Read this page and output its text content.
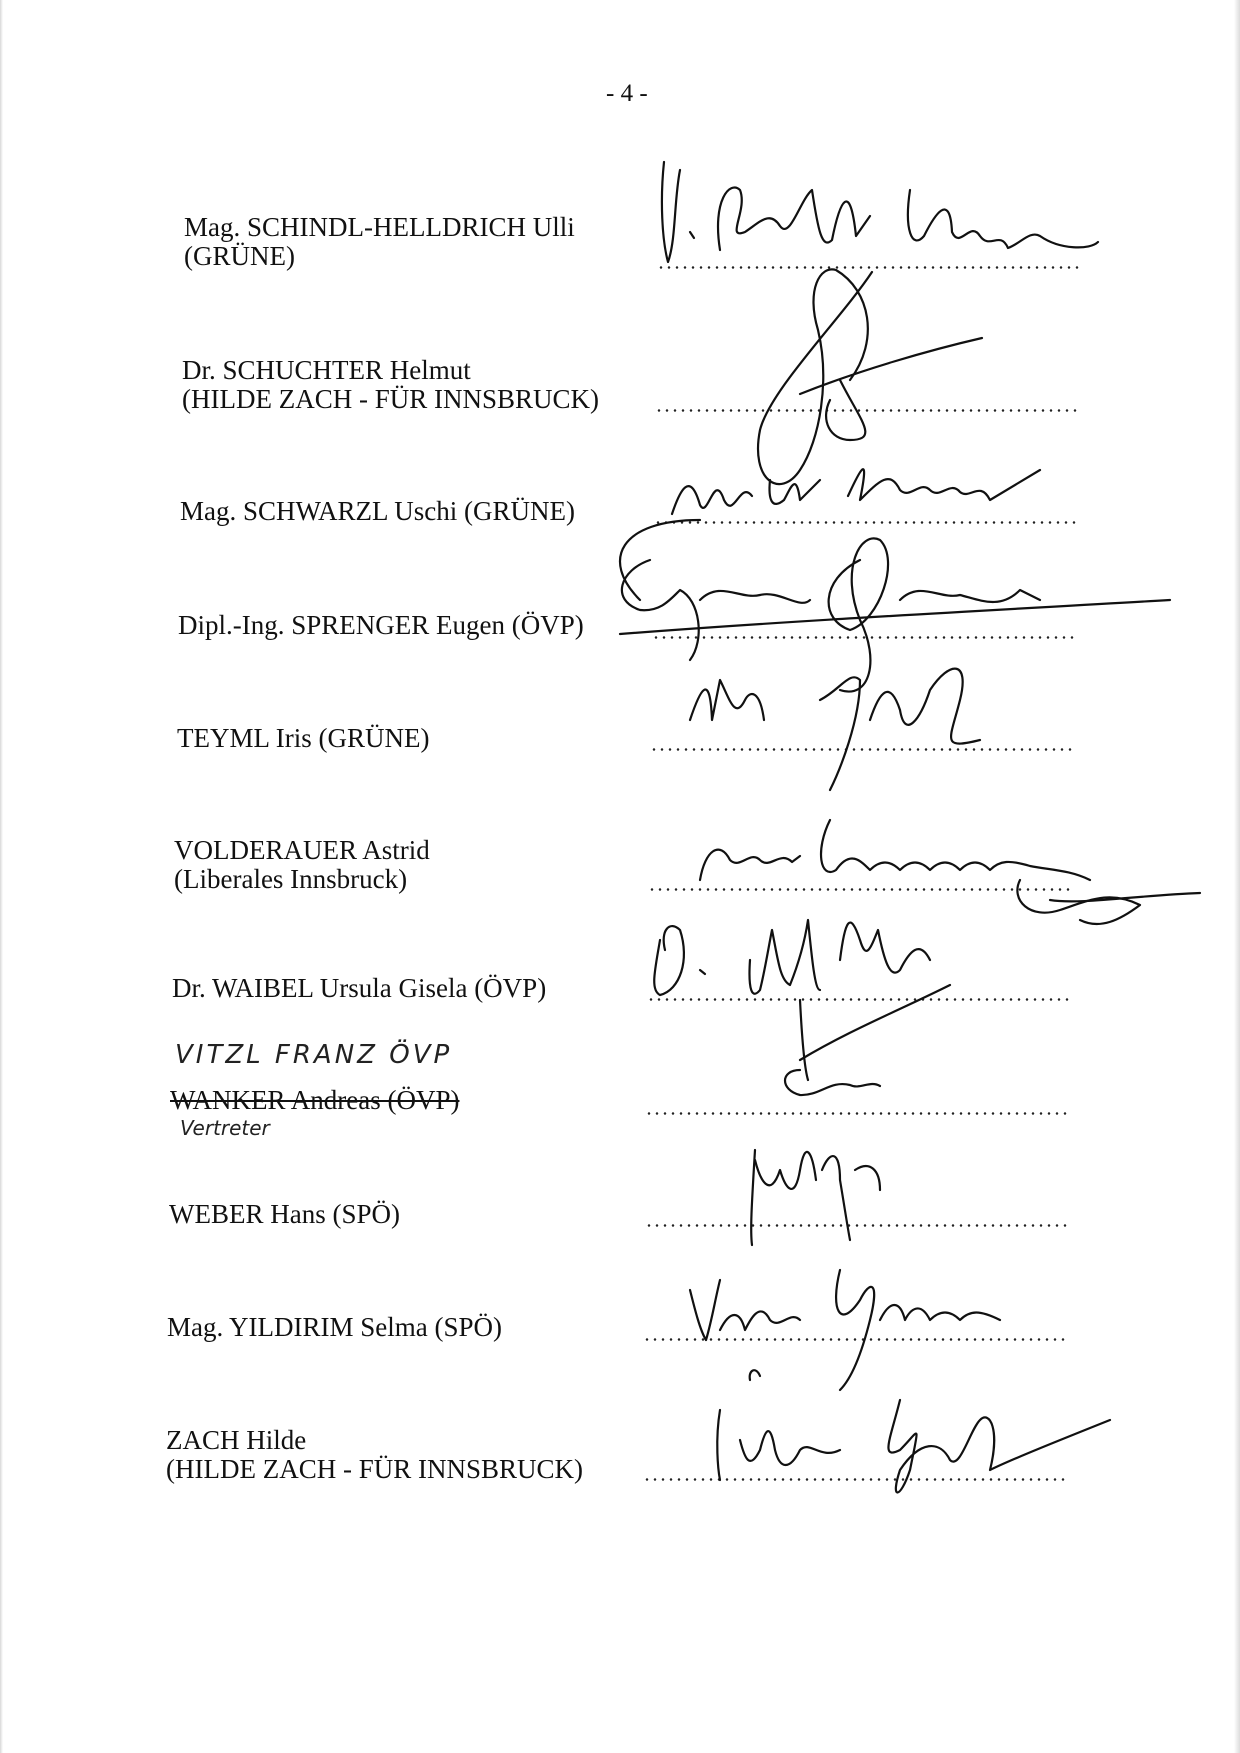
- 4 -
Mag. SCHINDL-HELLDRICH Ulli
(GRÜNE)
Dr. SCHUCHTER Helmut
(HILDE ZACH - FÜR INNSBRUCK)
Mag. SCHWARZL Uschi (GRÜNE)
Dipl.-Ing. SPRENGER Eugen (ÖVP)
TEYML Iris (GRÜNE)
VOLDERAUER Astrid
(Liberales Innsbruck)
Dr. WAIBEL Ursula Gisela (ÖVP)
VITZL FRANZ ÖVP
WANKER Andreas (ÖVP)
Vertreter
WEBER Hans (SPÖ)
Mag. YILDIRIM Selma (SPÖ)
ZACH Hilde
(HILDE ZACH - FÜR INNSBRUCK)
